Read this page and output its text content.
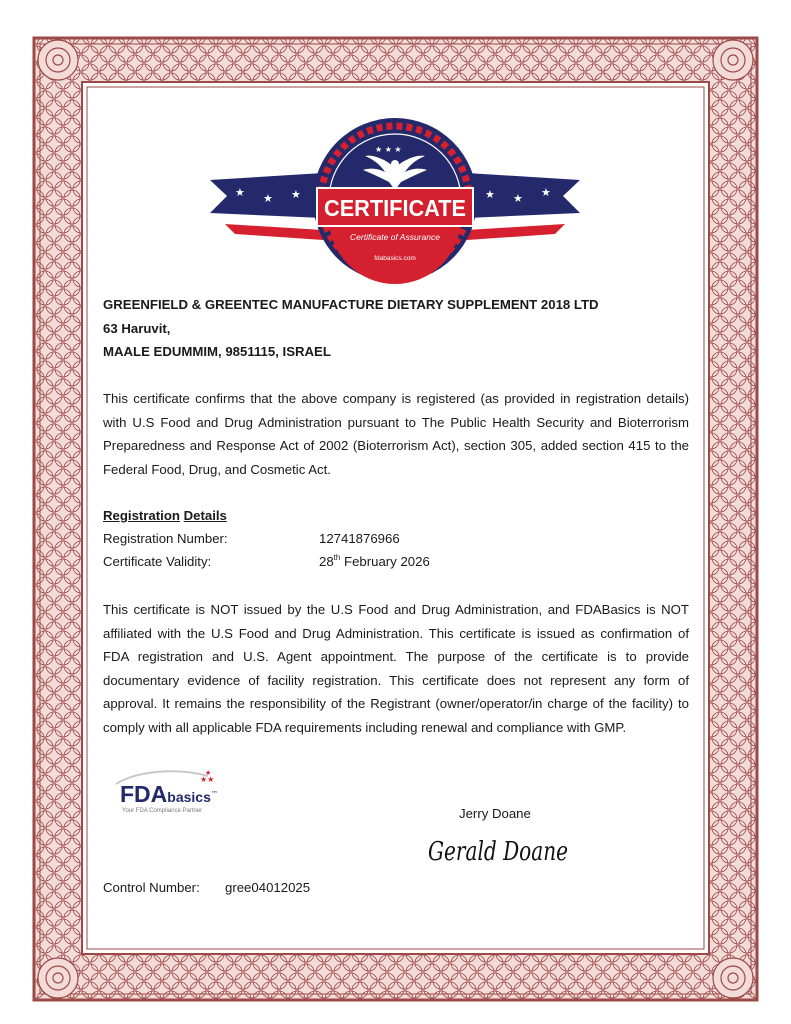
★ ★ ★	★ ★ ★
★ ★ ★
CERTIFICATE
Certificate of Assurance
fdabasics.com
GREENFIELD & GREENTEC MANUFACTURE DIETARY SUPPLEMENT 2018 LTD
63 Haruvit,
MAALE EDUMMIM, 9851115, ISRAEL
This certificate confirms that the above company is registered (as provided in registration details) with U.S Food and Drug Administration pursuant to The Public Health Security and Bioterrorism Preparedness and Response Act of 2002 (Bioterrorism Act), section 305, added section 415 to the Federal Food, Drug, and Cosmetic Act.
Registration Details
Registration Number:	12741876966
Certificate Validity:	28th February 2026
This certificate is NOT issued by the U.S Food and Drug Administration, and FDABasics is NOT affiliated with the U.S Food and Drug Administration. This certificate is issued as confirmation of FDA registration and U.S. Agent appointment. The purpose of the certificate is to provide documentary evidence of facility registration. This certificate does not represent any form of approval. It remains the responsibility of the Registrant (owner/operator/in charge of the facility) to comply with all applicable FDA requirements including renewal and compliance with GMP.
★★
★
FDAbasics™
Your FDA Compliance Partner	Jerry Doane
Gerald Doane
Control Number: gree04012025
